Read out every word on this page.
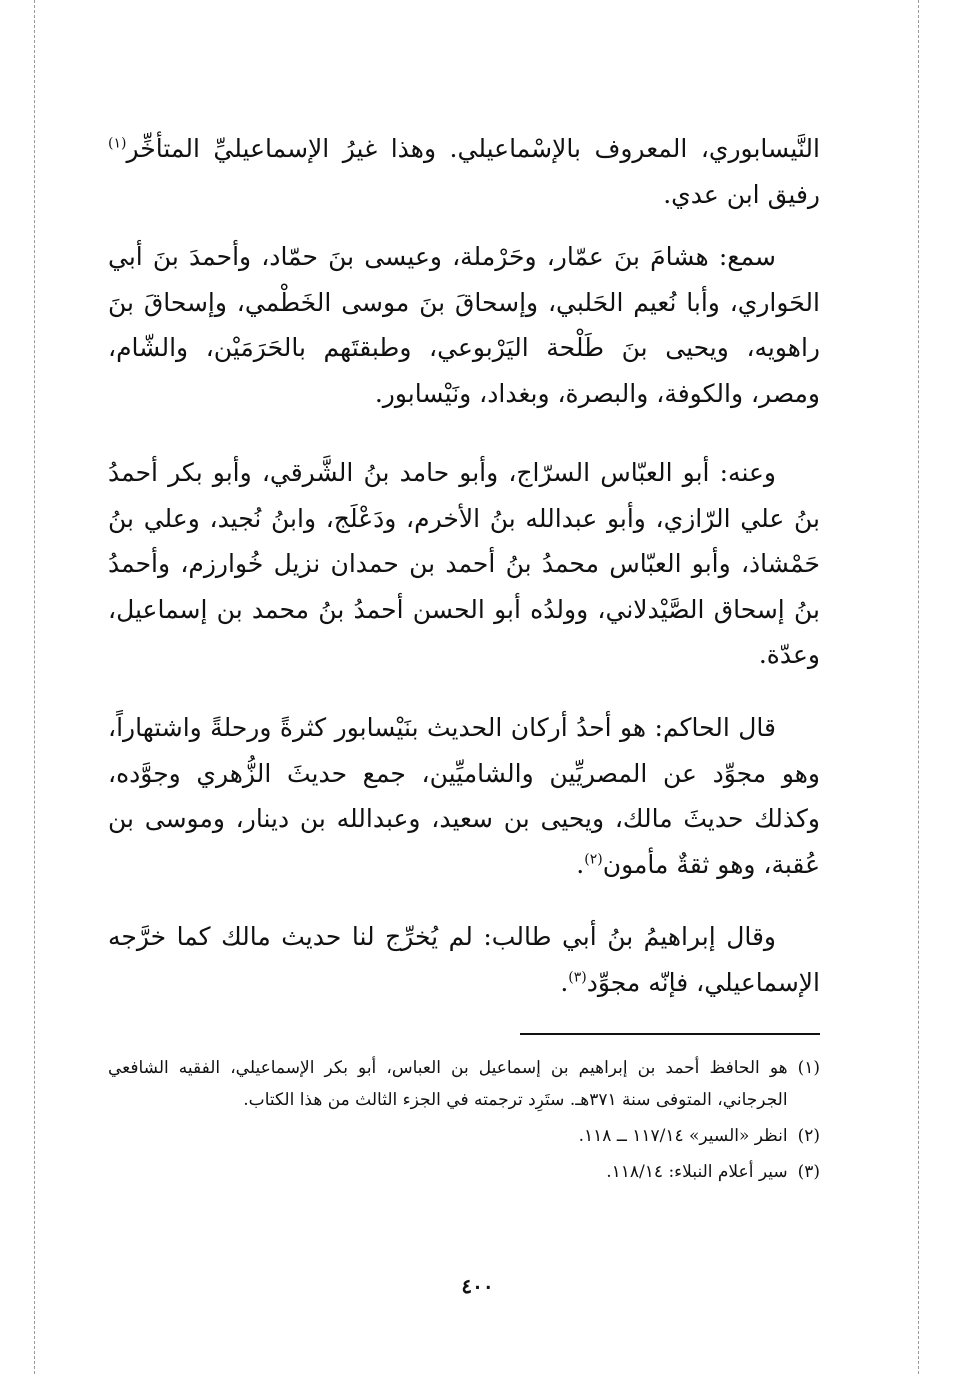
النَّيسابوري، المعروف بالإسْماعيلي. وهذا غيرُ الإسماعيليِّ المتأخِّر$^{(١)}$ رفيق ابن عدي.

سمع: هشامَ بنَ عمّار، وحَرْملة، وعيسى بنَ حمّاد، وأحمدَ بنَ أبي الحَواري، وأبا نُعيم الحَلبي، وإسحاقَ بنَ موسى الخَطْمي، وإسحاقَ بنَ راهويه، ويحيى بنَ طَلْحة اليَرْبوعي، وطبقتَهم بالحَرَمَيْن، والشّام، ومصر، والكوفة، والبصرة، وبغداد، ونَيْسابور.

وعنه: أبو العبّاس السرّاج، وأبو حامد بنُ الشَّرقي، وأبو بكر أحمدُ بنُ علي الرّازي، وأبو عبدالله بنُ الأخرم، ودَعْلَج، وابنُ نُجيد، وعلي بنُ حَمْشاذ، وأبو العبّاس محمدُ بنُ أحمد بن حمدان نزيل خُوارزم، وأحمدُ بنُ إسحاق الصَّيْدلاني، وولدُه أبو الحسن أحمدُ بنُ محمد بن إسماعيل، وعدّة.

قال الحاكم: هو أحدُ أركان الحديث بنَيْسابور كثرةً ورحلةً واشتهاراً، وهو مجوِّد عن المصريِّين والشاميِّين، جمع حديثَ الزُّهري وجوَّده، وكذلك حديثَ مالك، ويحيى بن سعيد، وعبدالله بن دينار، وموسى بن عُقبة، وهو ثقةٌ مأمون$^{(٢)}$.

وقال إبراهيمُ بنُ أبي طالب: لم يُخرِّج لنا حديث مالك كما خرَّجه الإسماعيلي، فإنّه مجوِّد$^{(٣)}$.

(١)
هو الحافظ أحمد بن إبراهيم بن إسماعيل بن العباس، أبو بكر الإسماعيلي، الفقيه الشافعي الجرجاني، المتوفى سنة ٣٧١هـ. ستَرِد ترجمته في الجزء الثالث من هذا الكتاب.
(٢)
انظر «السير» ١١٧/١٤ ــ ١١٨.
(٣)
سير أعلام النبلاء: ١١٨/١٤.
٤٠٠
